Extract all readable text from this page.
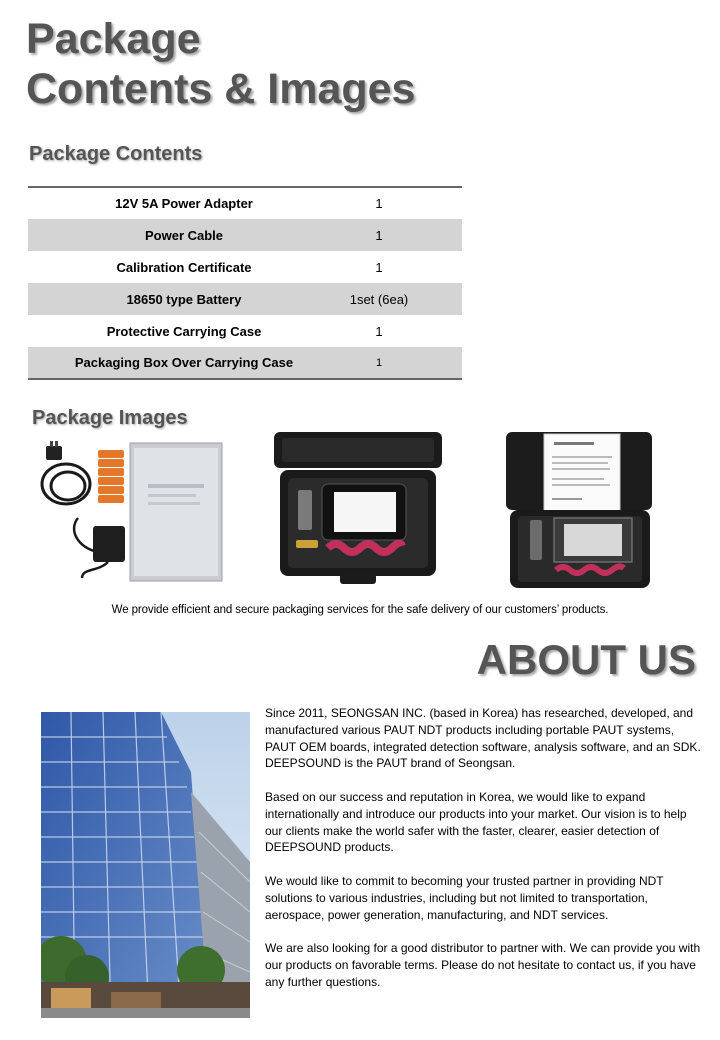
Package
Contents & Images
Package Contents
12V 5A Power Adapter	1
Power Cable	1
Calibration Certificate	1
18650 type Battery	1set (6ea)
Protective Carrying Case	1
Packaging Box Over Carrying Case	1
Package Images
We provide efficient and secure packaging services for the safe delivery of our customers’ products.
ABOUT US

Since 2011, SEONGSAN INC. (based in Korea) has researched, developed, and manufactured various PAUT NDT products including portable PAUT systems, PAUT OEM boards, integrated detection software, analysis software, and an SDK.
DEEPSOUND is the PAUT brand of Seongsan.

Based on our success and reputation in Korea, we would like to expand internationally and introduce our products into your market. Our vision is to help our clients make the world safer with the faster, clearer, easier detection of DEEPSOUND products.

We would like to commit to becoming your trusted partner in providing NDT solutions to various industries, including but not limited to transportation, aerospace, power generation, manufacturing, and NDT services.

We are also looking for a good distributor to partner with. We can provide you with our products on favorable terms. Please do not hesitate to contact us, if you have any further questions.
